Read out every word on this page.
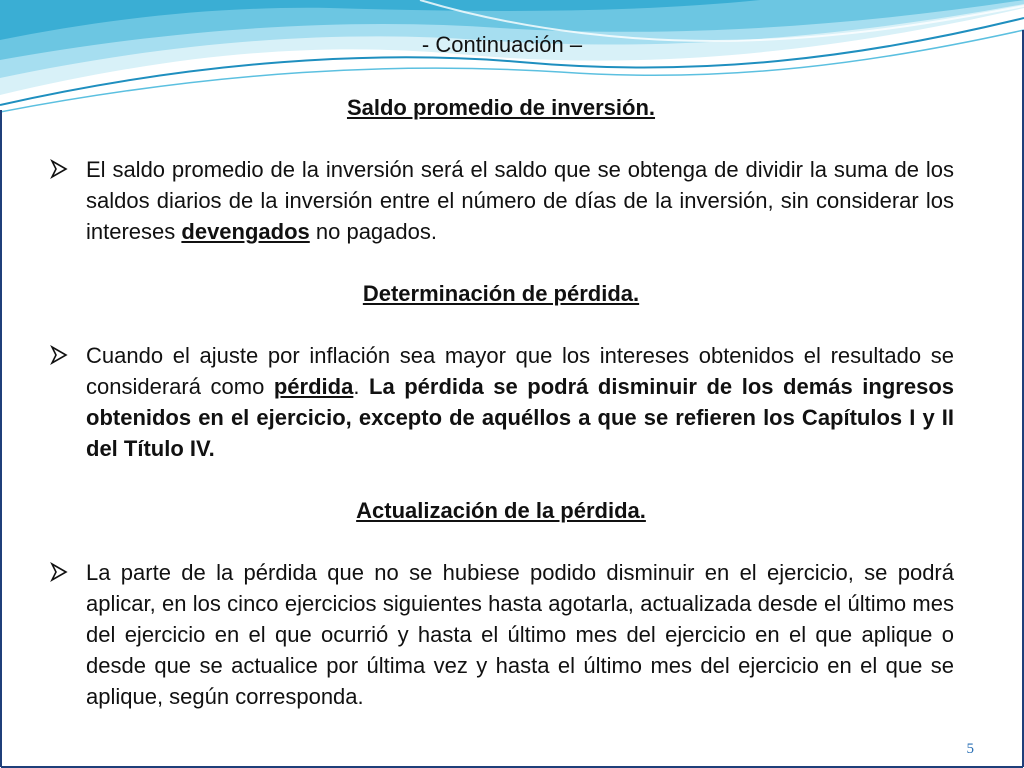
- Continuación –

Saldo promedio de inversión.

El saldo promedio de la inversión será el saldo que se obtenga de dividir la suma de los saldos diarios de la inversión entre el número de días de la inversión, sin considerar los intereses devengados no pagados.

Determinación de pérdida.

Cuando el ajuste por inflación sea mayor que los intereses obtenidos el resultado se considerará como pérdida. La pérdida se podrá disminuir de los demás ingresos obtenidos en el ejercicio, excepto de aquéllos a que se refieren los Capítulos I y II del Título IV.

Actualización de la pérdida.

La parte de la pérdida que no se hubiese podido disminuir en el ejercicio, se podrá aplicar, en los cinco ejercicios siguientes hasta agotarla, actualizada desde el último mes del ejercicio en el que ocurrió y hasta el último mes del ejercicio en el que aplique o desde que se actualice por última vez y hasta el último mes del ejercicio en el que se aplique, según corresponda.

5
